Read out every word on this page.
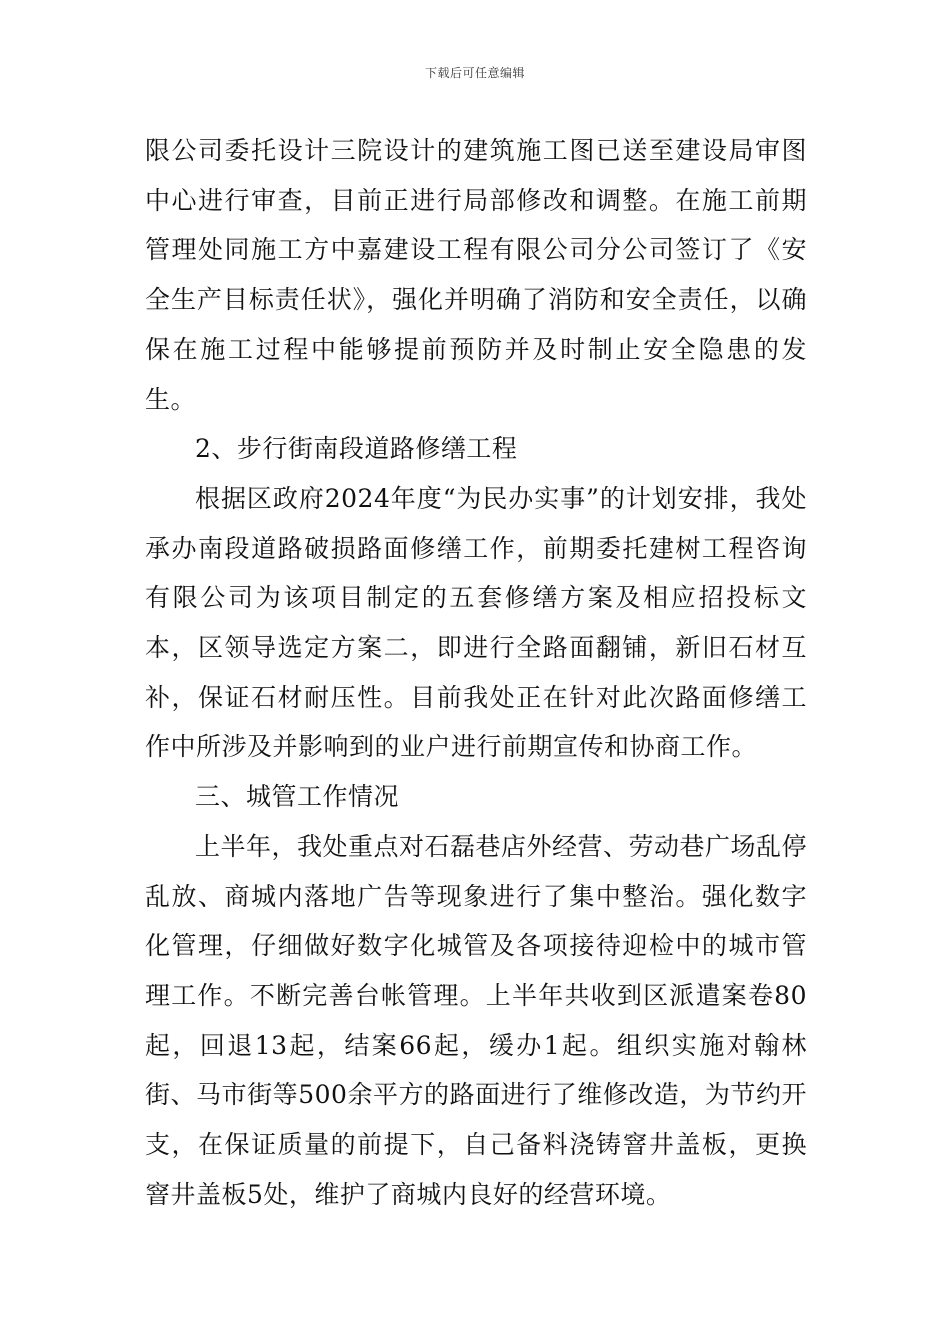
下载后可任意编辑

限公司委托设计三院设计的建筑施工图已送至建设局审图中心进行审查，目前正进行局部修改和调整。在施工前期管理处同施工方中嘉建设工程有限公司分公司签订了《安全生产目标责任状》，强化并明确了消防和安全责任，以确保在施工过程中能够提前预防并及时制止安全隐患的发生。

2、步行街南段道路修缮工程

根据区政府2024年度“为民办实事”的计划安排，我处承办南段道路破损路面修缮工作，前期委托建树工程咨询有限公司为该项目制定的五套修缮方案及相应招投标文本，区领导选定方案二，即进行全路面翻铺，新旧石材互补，保证石材耐压性。目前我处正在针对此次路面修缮工作中所涉及并影响到的业户进行前期宣传和协商工作。

三、城管工作情况

上半年，我处重点对石磊巷店外经营、劳动巷广场乱停乱放、商城内落地广告等现象进行了集中整治。强化数字化管理，仔细做好数字化城管及各项接待迎检中的城市管理工作。不断完善台帐管理。上半年共收到区派遣案卷80起，回退13起，结案66起，缓办1起。组织实施对翰林街、马市街等500余平方的路面进行了维修改造，为节约开支，在保证质量的前提下，自己备料浇铸窨井盖板，更换窨井盖板5处，维护了商城内良好的经营环境。
